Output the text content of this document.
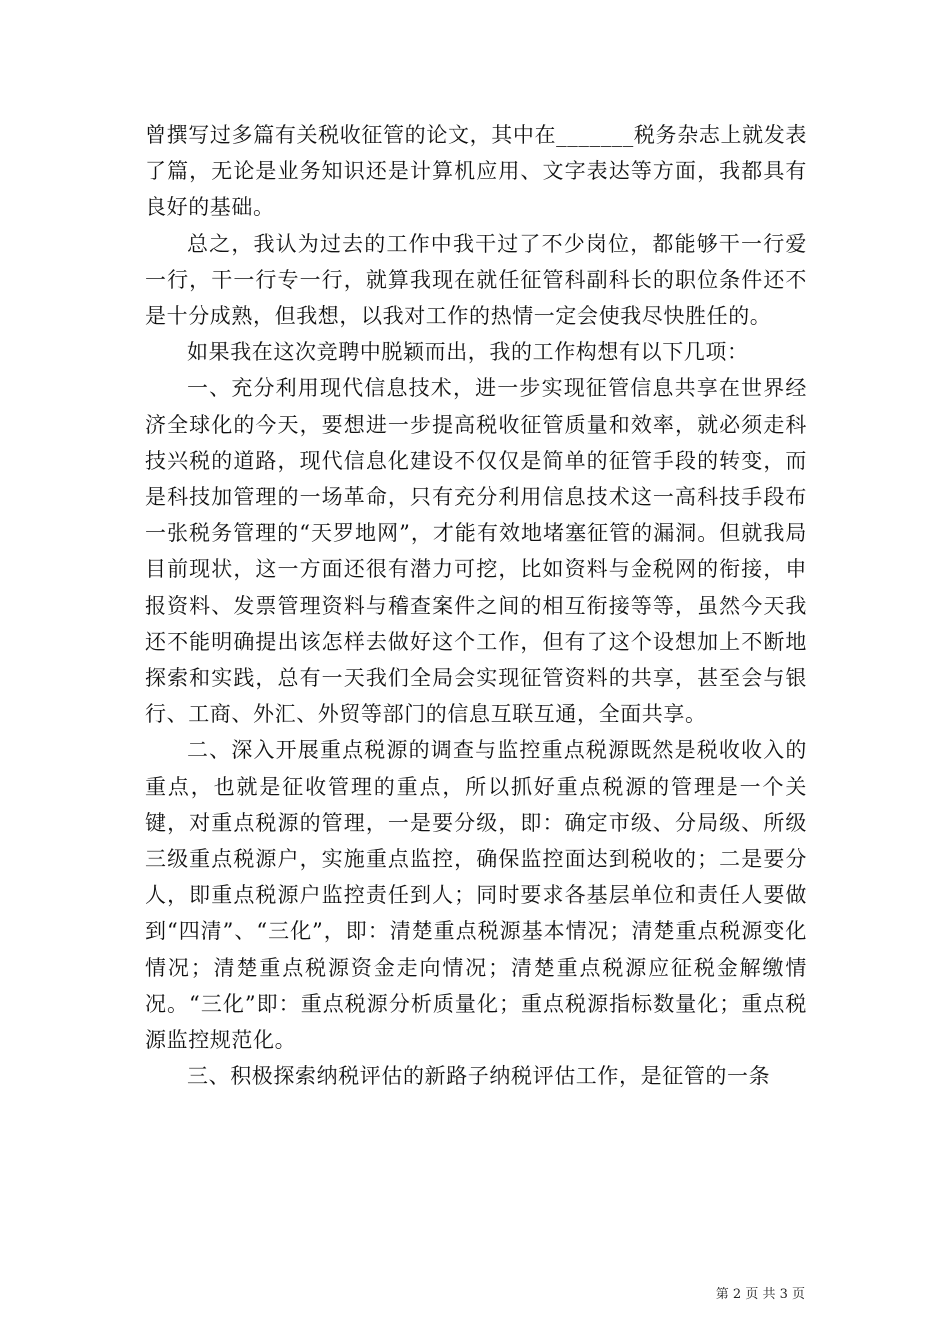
曾撰写过多篇有关税收征管的论文，其中在_______税务杂志上就发表了篇，无论是业务知识还是计算机应用、文字表达等方面，我都具有良好的基础。

总之，我认为过去的工作中我干过了不少岗位，都能够干一行爱一行，干一行专一行，就算我现在就任征管科副科长的职位条件还不是十分成熟，但我想，以我对工作的热情一定会使我尽快胜任的。

如果我在这次竞聘中脱颖而出，我的工作构想有以下几项：

一、充分利用现代信息技术，进一步实现征管信息共享在世界经济全球化的今天，要想进一步提高税收征管质量和效率，就必须走科技兴税的道路，现代信息化建设不仅仅是简单的征管手段的转变，而是科技加管理的一场革命，只有充分利用信息技术这一高科技手段布一张税务管理的“天罗地网”，才能有效地堵塞征管的漏洞。但就我局目前现状，这一方面还很有潜力可挖，比如资料与金税网的衔接，申报资料、发票管理资料与稽查案件之间的相互衔接等等，虽然今天我还不能明确提出该怎样去做好这个工作，但有了这个设想加上不断地探索和实践，总有一天我们全局会实现征管资料的共享，甚至会与银行、工商、外汇、外贸等部门的信息互联互通，全面共享。

二、深入开展重点税源的调查与监控重点税源既然是税收收入的重点，也就是征收管理的重点，所以抓好重点税源的管理是一个关键，对重点税源的管理，一是要分级，即：确定市级、分局级、所级三级重点税源户，实施重点监控，确保监控面达到税收的；二是要分人，即重点税源户监控责任到人；同时要求各基层单位和责任人要做到“四清”、“三化”，即：清楚重点税源基本情况；清楚重点税源变化情况；清楚重点税源资金走向情况；清楚重点税源应征税金解缴情况。“三化”即：重点税源分析质量化；重点税源指标数量化；重点税源监控规范化。

三、积极探索纳税评估的新路子纳税评估工作，是征管的一条

第 2 页 共 3 页
